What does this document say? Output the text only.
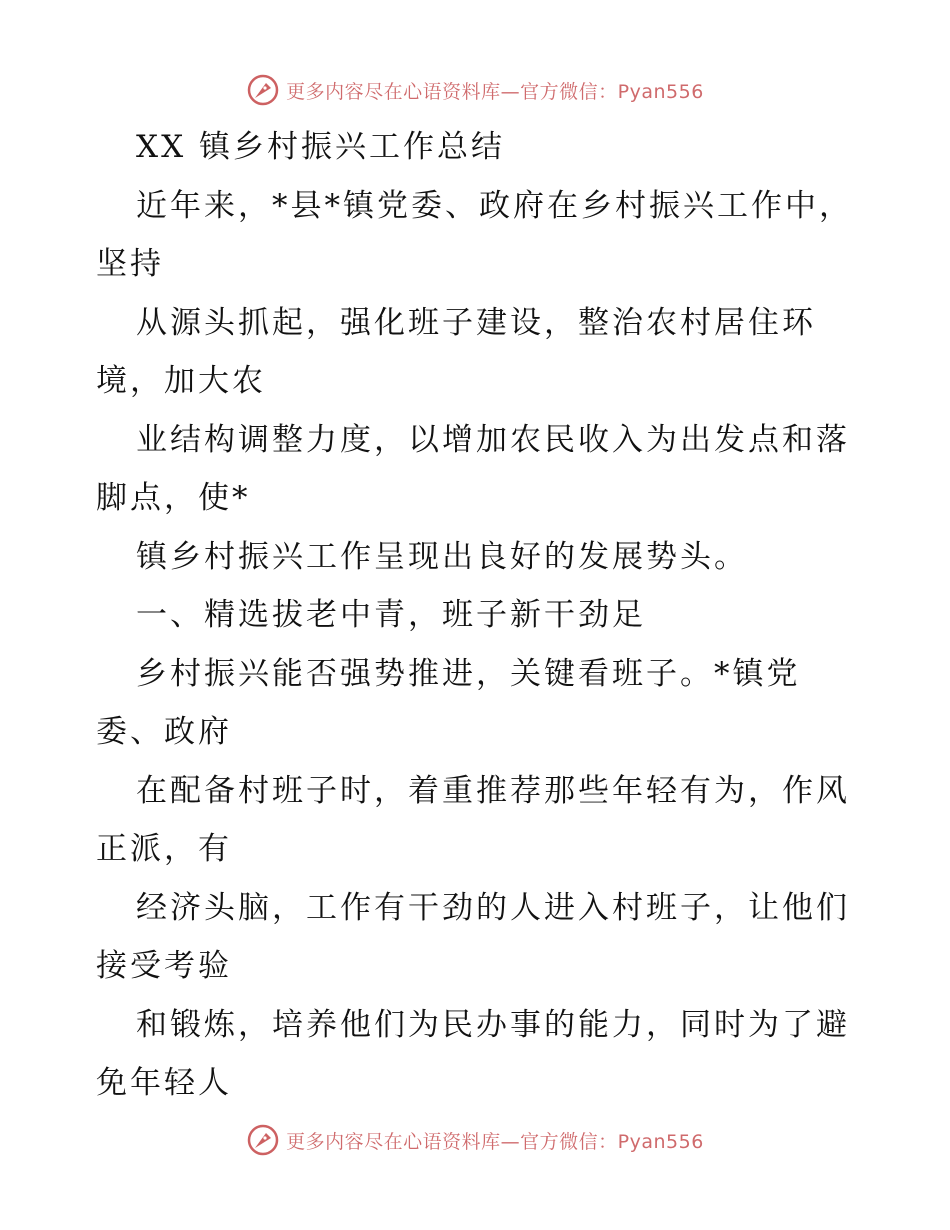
更多内容尽在心语资料库—官方微信：Pyan556
XX 镇乡村振兴工作总结
近年来，*县*镇党委、政府在乡村振兴工作中，
坚持
从源头抓起，强化班子建设，整治农村居住环
境，加大农
业结构调整力度，以增加农民收入为出发点和落
脚点，使*
镇乡村振兴工作呈现出良好的发展势头。
一、精选拔老中青，班子新干劲足
乡村振兴能否强势推进，关键看班子。*镇党
委、政府
在配备村班子时，着重推荐那些年轻有为，作风
正派，有
经济头脑，工作有干劲的人进入村班子，让他们
接受考验
和锻炼，培养他们为民办事的能力，同时为了避
免年轻人
更多内容尽在心语资料库—官方微信：Pyan556
